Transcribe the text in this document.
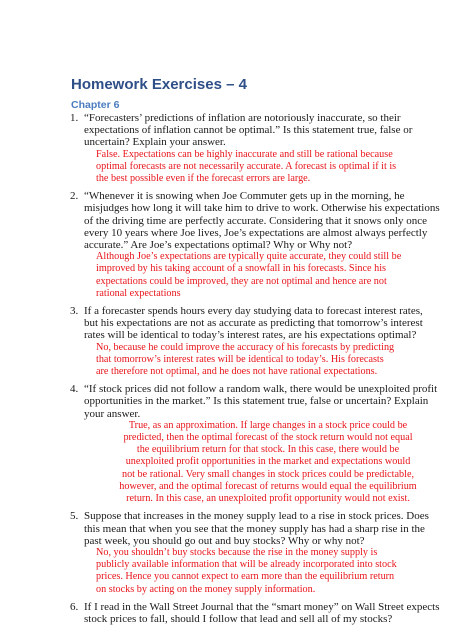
Homework Exercises – 4
Chapter 6
1. “Forecasters’ predictions of inflation are notoriously inaccurate, so their
expectations of inflation cannot be optimal.” Is this statement true, false or
uncertain? Explain your answer.

False. Expectations can be highly inaccurate and still be rational because
optimal forecasts are not necessarily accurate. A forecast is optimal if it is
the best possible even if the forecast errors are large.

2. “Whenever it is snowing when Joe Commuter gets up in the morning, he
misjudges how long it will take him to drive to work. Otherwise his expectations
of the driving time are perfectly accurate. Considering that it snows only once
every 10 years where Joe lives, Joe’s expectations are almost always perfectly
accurate.” Are Joe’s expectations optimal? Why or Why not?

Although Joe’s expectations are typically quite accurate, they could still be
improved by his taking account of a snowfall in his forecasts. Since his
expectations could be improved, they are not optimal and hence are not
rational expectations

3. If a forecaster spends hours every day studying data to forecast interest rates,
but his expectations are not as accurate as predicting that tomorrow’s interest
rates will be identical to today’s interest rates, are his expectations optimal?

No, because he could improve the accuracy of his forecasts by predicting
that tomorrow’s interest rates will be identical to today’s. His forecasts
are therefore not optimal, and he does not have rational expectations.

4. “If stock prices did not follow a random walk, there would be unexploited profit
opportunities in the market.” Is this statement true, false or uncertain? Explain
your answer.

True, as an approximation. If large changes in a stock price could be
predicted, then the optimal forecast of the stock return would not equal
the equilibrium return for that stock. In this case, there would be
unexploited profit opportunities in the market and expectations would
not be rational. Very small changes in stock prices could be predictable,
however, and the optimal forecast of returns would equal the equilibrium
return. In this case, an unexploited profit opportunity would not exist.

5. Suppose that increases in the money supply lead to a rise in stock prices. Does
this mean that when you see that the money supply has had a sharp rise in the
past week, you should go out and buy stocks? Why or why not?

No, you shouldn’t buy stocks because the rise in the money supply is
publicly available information that will be already incorporated into stock
prices. Hence you cannot expect to earn more than the equilibrium return
on stocks by acting on the money supply information.

6. If I read in the Wall Street Journal that the “smart money” on Wall Street expects
stock prices to fall, should I follow that lead and sell all of my stocks?
